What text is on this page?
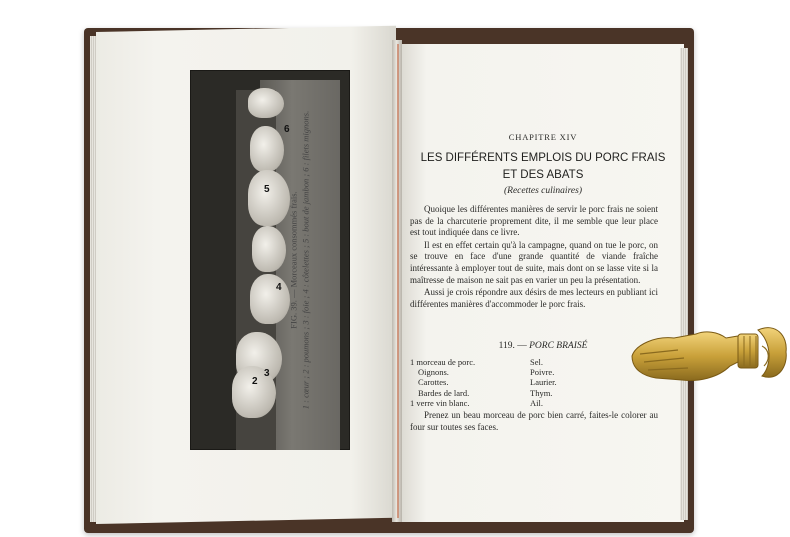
6
5
4
3
2
FIG. 39. — Morceaux consommés frais. 1 : cœur ; 2 : poumons ; 3 : foie ; 4 : côtelettes ; 5 : bout de jambon ; 6 : filets mignons.	CHAPITRE XIV
LES DIFFÉRENTS EMPLOIS DU PORC FRAIS
ET DES ABATS
(Recettes culinaires)

Quoique les différentes manières de servir le porc frais ne soient pas de la charcuterie proprement dite, il me semble que leur place est tout indiquée dans ce livre.

Il est en effet certain qu'à la campagne, quand on tue le porc, on se trouve en face d'une grande quantité de viande fraîche intéressante à employer tout de suite, mais dont on se lasse vite si la maîtresse de maison ne sait pas en varier un peu la présentation.

Aussi je crois répondre aux désirs de mes lecteurs en publiant ici différentes manières d'accommoder le porc frais.

119. — PORC BRAISÉ
1 morceau de porc.	Sel.
Oignons.	Poivre.
Carottes.	Laurier.
Bardes de lard.	Thym.
1 verre vin blanc.	Ail.

Prenez un beau morceau de porc bien carré, faites-le colorer au four sur toutes ses faces.
